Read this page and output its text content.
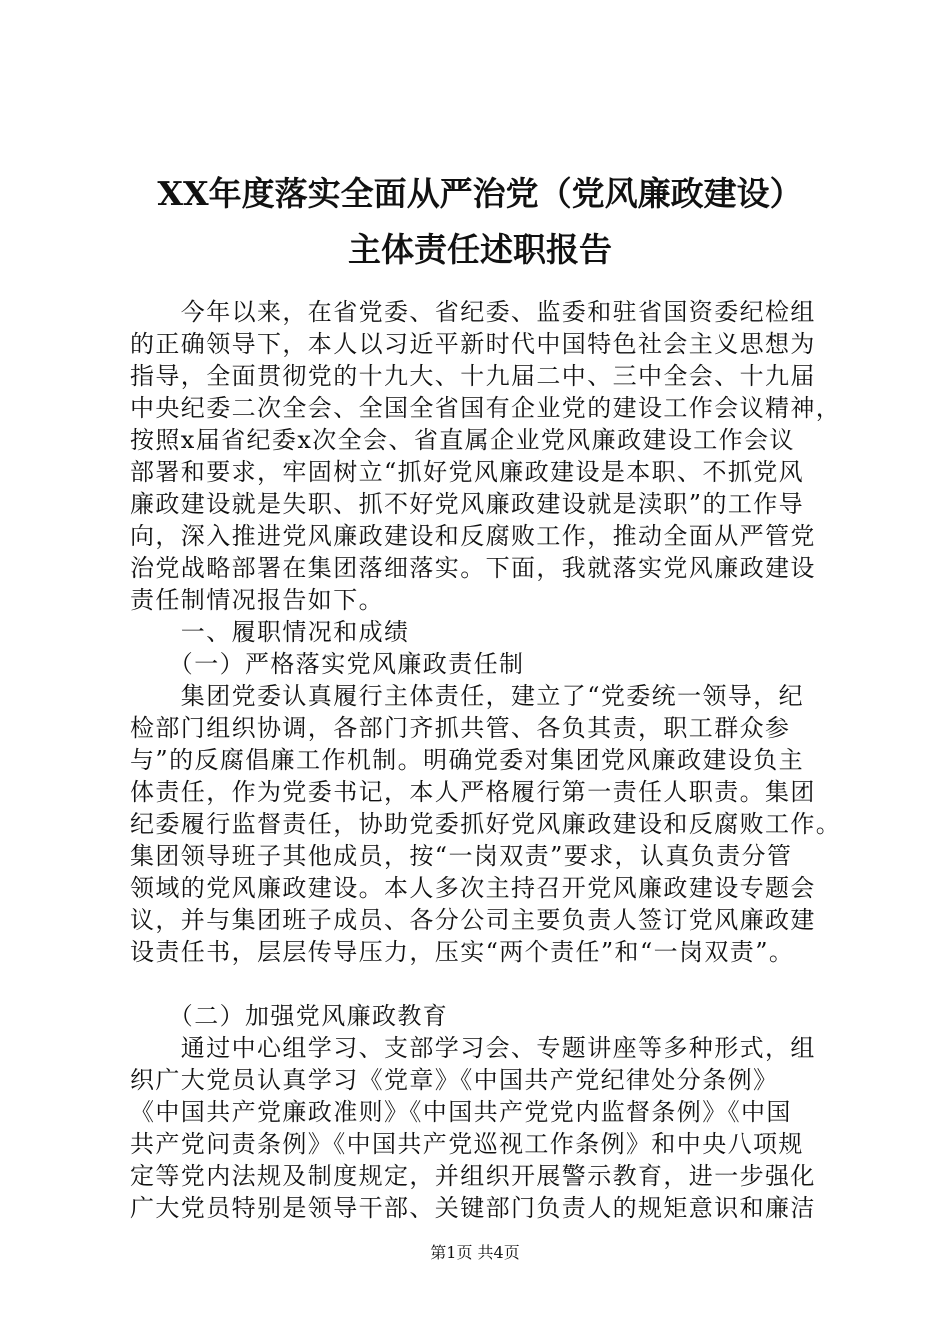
XX年度落实全面从严治党（党风廉政建设）
主体责任述职报告
　　今年以来，在省党委、省纪委、监委和驻省国资委纪检组
的正确领导下，本人以习近平新时代中国特色社会主义思想为
指导，全面贯彻党的十九大、十九届二中、三中全会、十九届
中央纪委二次全会、全国全省国有企业党的建设工作会议精神，
按照x届省纪委x次全会、省直属企业党风廉政建设工作会议
部署和要求，牢固树立“抓好党风廉政建设是本职、不抓党风
廉政建设就是失职、抓不好党风廉政建设就是渎职”的工作导
向，深入推进党风廉政建设和反腐败工作，推动全面从严管党
治党战略部署在集团落细落实。下面，我就落实党风廉政建设
责任制情况报告如下。
　　一、履职情况和成绩
　　（一）严格落实党风廉政责任制
　　集团党委认真履行主体责任，建立了“党委统一领导，纪
检部门组织协调，各部门齐抓共管、各负其责，职工群众参
与”的反腐倡廉工作机制。明确党委对集团党风廉政建设负主
体责任，作为党委书记，本人严格履行第一责任人职责。集团
纪委履行监督责任，协助党委抓好党风廉政建设和反腐败工作。
集团领导班子其他成员，按“一岗双责”要求，认真负责分管
领域的党风廉政建设。本人多次主持召开党风廉政建设专题会
议，并与集团班子成员、各分公司主要负责人签订党风廉政建
设责任书，层层传导压力，压实“两个责任”和“一岗双责”。
　　（二）加强党风廉政教育
　　通过中心组学习、支部学习会、专题讲座等多种形式，组
织广大党员认真学习《党章》《中国共产党纪律处分条例》
《中国共产党廉政准则》《中国共产党党内监督条例》《中国
共产党问责条例》《中国共产党巡视工作条例》和中央八项规
定等党内法规及制度规定，并组织开展警示教育，进一步强化
广大党员特别是领导干部、关键部门负责人的规矩意识和廉洁
第1页 共4页
